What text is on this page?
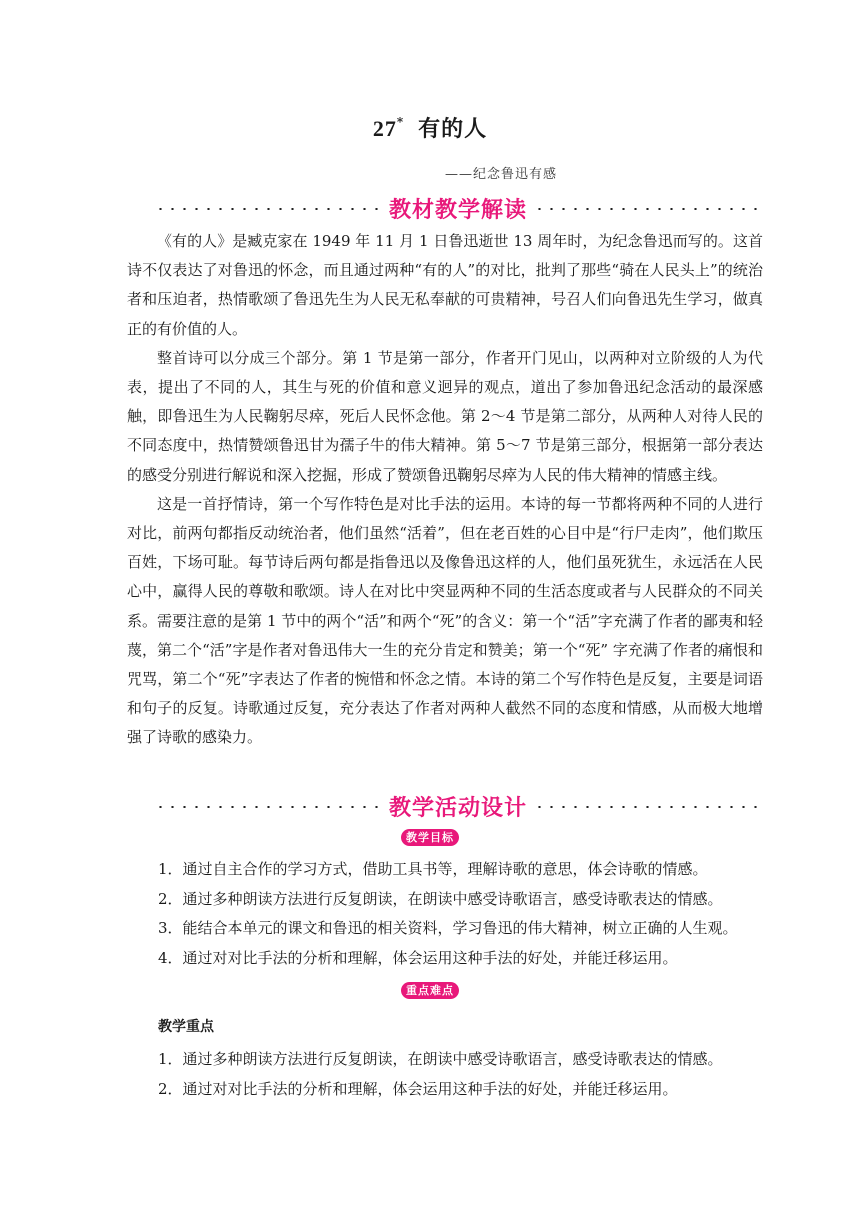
27* 有的人
——纪念鲁迅有感
教材教学解读

《有的人》是臧克家在 1949 年 11 月 1 日鲁迅逝世 13 周年时，为纪念鲁迅而写的。这首诗不仅表达了对鲁迅的怀念，而且通过两种“有的人”的对比，批判了那些“骑在人民头上”的统治者和压迫者，热情歌颂了鲁迅先生为人民无私奉献的可贵精神，号召人们向鲁迅先生学习，做真正的有价值的人。

整首诗可以分成三个部分。第 1 节是第一部分，作者开门见山，以两种对立阶级的人为代表，提出了不同的人，其生与死的价值和意义迥异的观点，道出了参加鲁迅纪念活动的最深感触，即鲁迅生为人民鞠躬尽瘁，死后人民怀念他。第 2～4 节是第二部分，从两种人对待人民的不同态度中，热情赞颂鲁迅甘为孺子牛的伟大精神。第 5～7 节是第三部分，根据第一部分表达的感受分别进行解说和深入挖掘，形成了赞颂鲁迅鞠躬尽瘁为人民的伟大精神的情感主线。

这是一首抒情诗，第一个写作特色是对比手法的运用。本诗的每一节都将两种不同的人进行对比，前两句都指反动统治者，他们虽然“活着”，但在老百姓的心目中是“行尸走肉”，他们欺压百姓，下场可耻。每节诗后两句都是指鲁迅以及像鲁迅这样的人，他们虽死犹生，永远活在人民心中，赢得人民的尊敬和歌颂。诗人在对比中突显两种不同的生活态度或者与人民群众的不同关系。需要注意的是第 1 节中的两个“活”和两个“死”的含义：第一个“活”字充满了作者的鄙夷和轻蔑，第二个“活”字是作者对鲁迅伟大一生的充分肯定和赞美；第一个“死” 字充满了作者的痛恨和咒骂，第二个“死”字表达了作者的惋惜和怀念之情。本诗的第二个写作特色是反复，主要是词语和句子的反复。诗歌通过反复，充分表达了作者对两种人截然不同的态度和情感，从而极大地增强了诗歌的感染力。

教学活动设计
教学目标
1．通过自主合作的学习方式，借助工具书等，理解诗歌的意思，体会诗歌的情感。
2．通过多种朗读方法进行反复朗读，在朗读中感受诗歌语言，感受诗歌表达的情感。
3．能结合本单元的课文和鲁迅的相关资料，学习鲁迅的伟大精神，树立正确的人生观。
4．通过对对比手法的分析和理解，体会运用这种手法的好处，并能迁移运用。
重点难点
教学重点
1．通过多种朗读方法进行反复朗读，在朗读中感受诗歌语言，感受诗歌表达的情感。
2．通过对对比手法的分析和理解，体会运用这种手法的好处，并能迁移运用。
